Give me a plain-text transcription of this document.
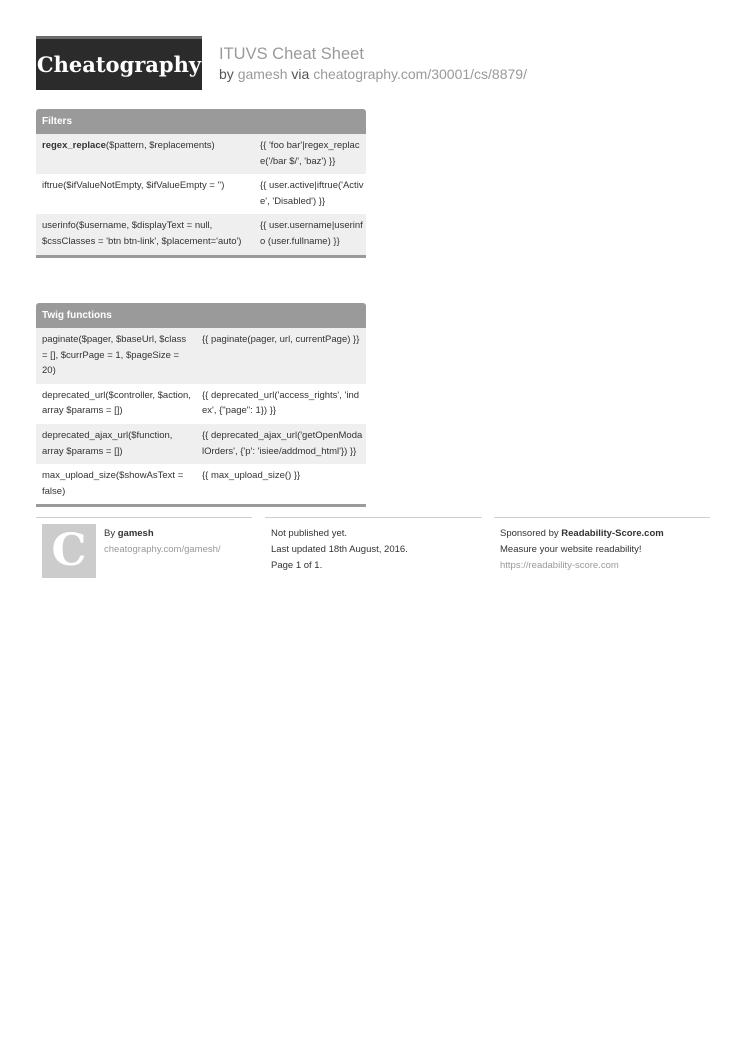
Cheatography ITUVS Cheat Sheet
by gamesh via cheatography.com/30001/cs/8879/
Filters
regex_replace($pattern, $replacements)	{{ 'foo bar'|regex_replace('/bar $/', 'baz') }}
iftrue($ifValueNotEmpty, $ifValueEmpty = '')	{{ user.active|iftrue('Active', 'Disabled') }}
userinfo($username, $displayText = null, $cssClasses = 'btn btn-link', $placement='auto')
{{ user.username|userinfo (user.fullname) }}
Twig functions
paginate($pager, $baseUrl, $class = [], $currPage = 1, $pageSize = 20)
{{ paginate(pager, url, currentPage) }}
deprecated_url($controller, $action, array $params = [])
{{ deprecated_url('access_rights', 'index', {"page": 1}) }}
deprecated_ajax_url($function, array $params = [])
{{ deprecated_ajax_url('getOpenModalOrders', {'p': 'isiee/addmod_html'}) }}
max_upload_size($showAsText = false)
{{ max_upload_size() }}
C By gamesh
cheatography.com/gamesh/
Not published yet.
Last updated 18th August, 2016.
Page 1 of 1.
Sponsored by Readability-Score.com
Measure your website readability!
https://readability-score.com
